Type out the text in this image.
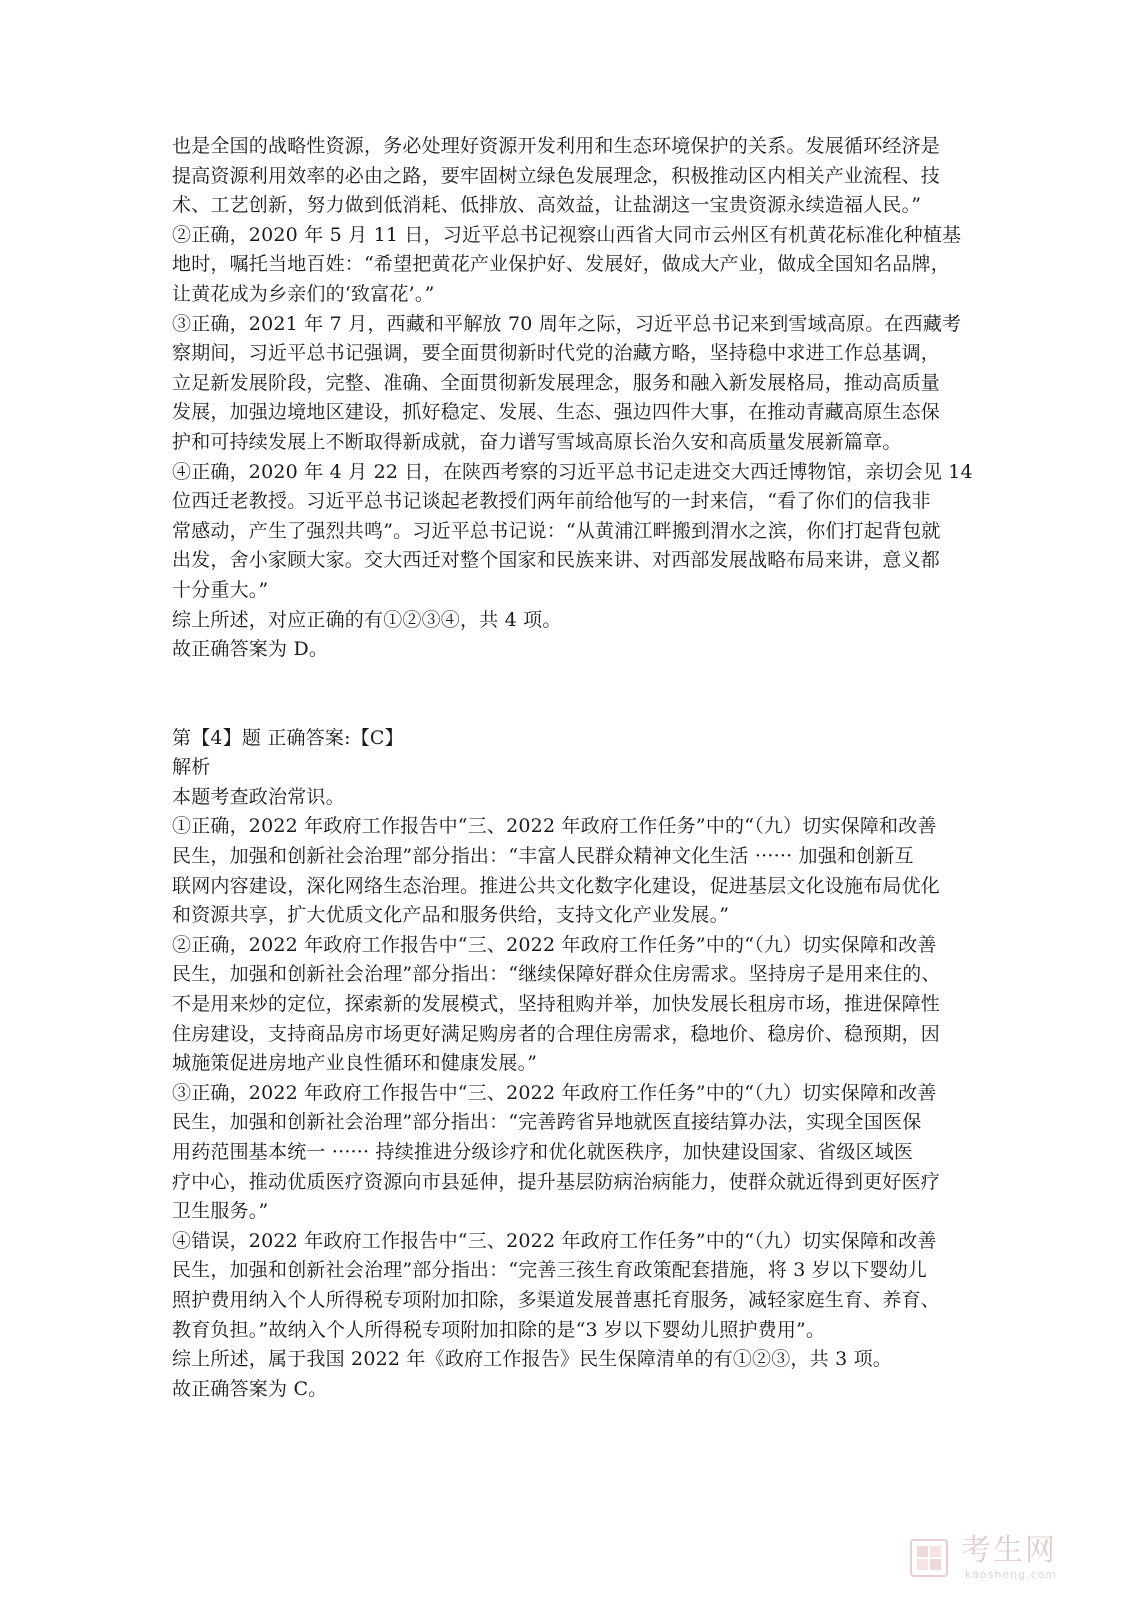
也是全国的战略性资源，务必处理好资源开发利用和生态环境保护的关系。发展循环经济是
提高资源利用效率的必由之路，要牢固树立绿色发展理念，积极推动区内相关产业流程、技
术、工艺创新，努力做到低消耗、低排放、高效益，让盐湖这一宝贵资源永续造福人民。”
②正确，2020 年 5 月 11 日，习近平总书记视察山西省大同市云州区有机黄花标准化种植基
地时，嘱托当地百姓：“希望把黄花产业保护好、发展好，做成大产业，做成全国知名品牌，
让黄花成为乡亲们的‘致富花’。”
③正确，2021 年 7 月，西藏和平解放 70 周年之际，习近平总书记来到雪域高原。在西藏考
察期间，习近平总书记强调，要全面贯彻新时代党的治藏方略，坚持稳中求进工作总基调，
立足新发展阶段，完整、准确、全面贯彻新发展理念，服务和融入新发展格局，推动高质量
发展，加强边境地区建设，抓好稳定、发展、生态、强边四件大事，在推动青藏高原生态保
护和可持续发展上不断取得新成就，奋力谱写雪域高原长治久安和高质量发展新篇章。
④正确，2020 年 4 月 22 日，在陕西考察的习近平总书记走进交大西迁博物馆，亲切会见 14
位西迁老教授。习近平总书记谈起老教授们两年前给他写的一封来信，“看了你们的信我非
常感动，产生了强烈共鸣”。习近平总书记说：“从黄浦江畔搬到渭水之滨，你们打起背包就
出发，舍小家顾大家。交大西迁对整个国家和民族来讲、对西部发展战略布局来讲，意义都
十分重大。”
综上所述，对应正确的有①②③④，共 4 项。
故正确答案为 D。
第【4】题 正确答案:【C】
解析
本题考查政治常识。
①正确，2022 年政府工作报告中“三、2022 年政府工作任务”中的“（九）切实保障和改善
民生，加强和创新社会治理”部分指出：“丰富人民群众精神文化生活 ······ 加强和创新互
联网内容建设，深化网络生态治理。推进公共文化数字化建设，促进基层文化设施布局优化
和资源共享，扩大优质文化产品和服务供给，支持文化产业发展。”
②正确，2022 年政府工作报告中“三、2022 年政府工作任务”中的“（九）切实保障和改善
民生，加强和创新社会治理”部分指出：“继续保障好群众住房需求。坚持房子是用来住的、
不是用来炒的定位，探索新的发展模式，坚持租购并举，加快发展长租房市场，推进保障性
住房建设，支持商品房市场更好满足购房者的合理住房需求，稳地价、稳房价、稳预期，因
城施策促进房地产业良性循环和健康发展。”
③正确，2022 年政府工作报告中“三、2022 年政府工作任务”中的“（九）切实保障和改善
民生，加强和创新社会治理”部分指出：“完善跨省异地就医直接结算办法，实现全国医保
用药范围基本统一 ······ 持续推进分级诊疗和优化就医秩序，加快建设国家、省级区域医
疗中心，推动优质医疗资源向市县延伸，提升基层防病治病能力，使群众就近得到更好医疗
卫生服务。”
④错误，2022 年政府工作报告中“三、2022 年政府工作任务”中的“（九）切实保障和改善
民生，加强和创新社会治理”部分指出：“完善三孩生育政策配套措施，将 3 岁以下婴幼儿
照护费用纳入个人所得税专项附加扣除，多渠道发展普惠托育服务，减轻家庭生育、养育、
教育负担。”故纳入个人所得税专项附加扣除的是“3 岁以下婴幼儿照护费用”。
综上所述，属于我国 2022 年《政府工作报告》民生保障清单的有①②③，共 3 项。
故正确答案为 C。
考生网
kaosheng.com
